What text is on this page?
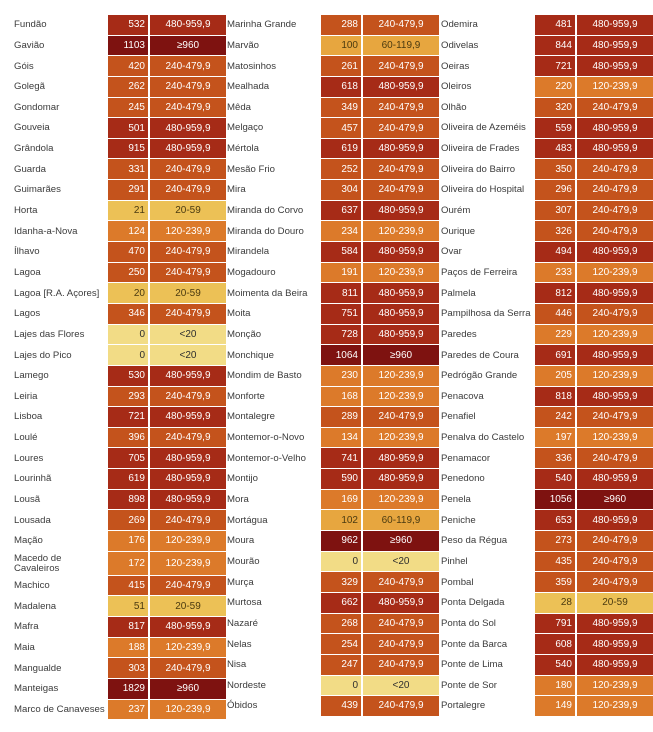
Fundão	532	480-959,9
Gavião	1103	≥960
Góis	420	240-479,9
Golegã	262	240-479,9
Gondomar	245	240-479,9
Gouveia	501	480-959,9
Grândola	915	480-959,9
Guarda	331	240-479,9
Guimarães	291	240-479,9
Horta	21	20-59
Idanha-a-Nova	124	120-239,9
Ílhavo	470	240-479,9
Lagoa	250	240-479,9
Lagoa [R.A. Açores]	20	20-59
Lagos	346	240-479,9
Lajes das Flores	0	<20
Lajes do Pico	0	<20
Lamego	530	480-959,9
Leiria	293	240-479,9
Lisboa	721	480-959,9
Loulé	396	240-479,9
Loures	705	480-959,9
Lourinhã	619	480-959,9
Lousã	898	480-959,9
Lousada	269	240-479,9
Mação	176	120-239,9
Macedo de Cavaleiros	172	120-239,9
Machico	415	240-479,9
Madalena	51	20-59
Mafra	817	480-959,9
Maia	188	120-239,9
Mangualde	303	240-479,9
Manteigas	1829	≥960
Marco de Canaveses	237	120-239,9
Marinha Grande	288	240-479,9
Marvão	100	60-119,9
Matosinhos	261	240-479,9
Mealhada	618	480-959,9
Mêda	349	240-479,9
Melgaço	457	240-479,9
Mértola	619	480-959,9
Mesão Frio	252	240-479,9
Mira	304	240-479,9
Miranda do Corvo	637	480-959,9
Miranda do Douro	234	120-239,9
Mirandela	584	480-959,9
Mogadouro	191	120-239,9
Moimenta da Beira	811	480-959,9
Moita	751	480-959,9
Monção	728	480-959,9
Monchique	1064	≥960
Mondim de Basto	230	120-239,9
Monforte	168	120-239,9
Montalegre	289	240-479,9
Montemor-o-Novo	134	120-239,9
Montemor-o-Velho	741	480-959,9
Montijo	590	480-959,9
Mora	169	120-239,9
Mortágua	102	60-119,9
Moura	962	≥960
Mourão	0	<20
Murça	329	240-479,9
Murtosa	662	480-959,9
Nazaré	268	240-479,9
Nelas	254	240-479,9
Nisa	247	240-479,9
Nordeste	0	<20
Óbidos	439	240-479,9
Odemira	481	480-959,9
Odivelas	844	480-959,9
Oeiras	721	480-959,9
Oleiros	220	120-239,9
Olhão	320	240-479,9
Oliveira de Azeméis	559	480-959,9
Oliveira de Frades	483	480-959,9
Oliveira do Bairro	350	240-479,9
Oliveira do Hospital	296	240-479,9
Ourém	307	240-479,9
Ourique	326	240-479,9
Ovar	494	480-959,9
Paços de Ferreira	233	120-239,9
Palmela	812	480-959,9
Pampilhosa da Serra	446	240-479,9
Paredes	229	120-239,9
Paredes de Coura	691	480-959,9
Pedrógão Grande	205	120-239,9
Penacova	818	480-959,9
Penafiel	242	240-479,9
Penalva do Castelo	197	120-239,9
Penamacor	336	240-479,9
Penedono	540	480-959,9
Penela	1056	≥960
Peniche	653	480-959,9
Peso da Régua	273	240-479,9
Pinhel	435	240-479,9
Pombal	359	240-479,9
Ponta Delgada	28	20-59
Ponta do Sol	791	480-959,9
Ponte da Barca	608	480-959,9
Ponte de Lima	540	480-959,9
Ponte de Sor	180	120-239,9
Portalegre	149	120-239,9
